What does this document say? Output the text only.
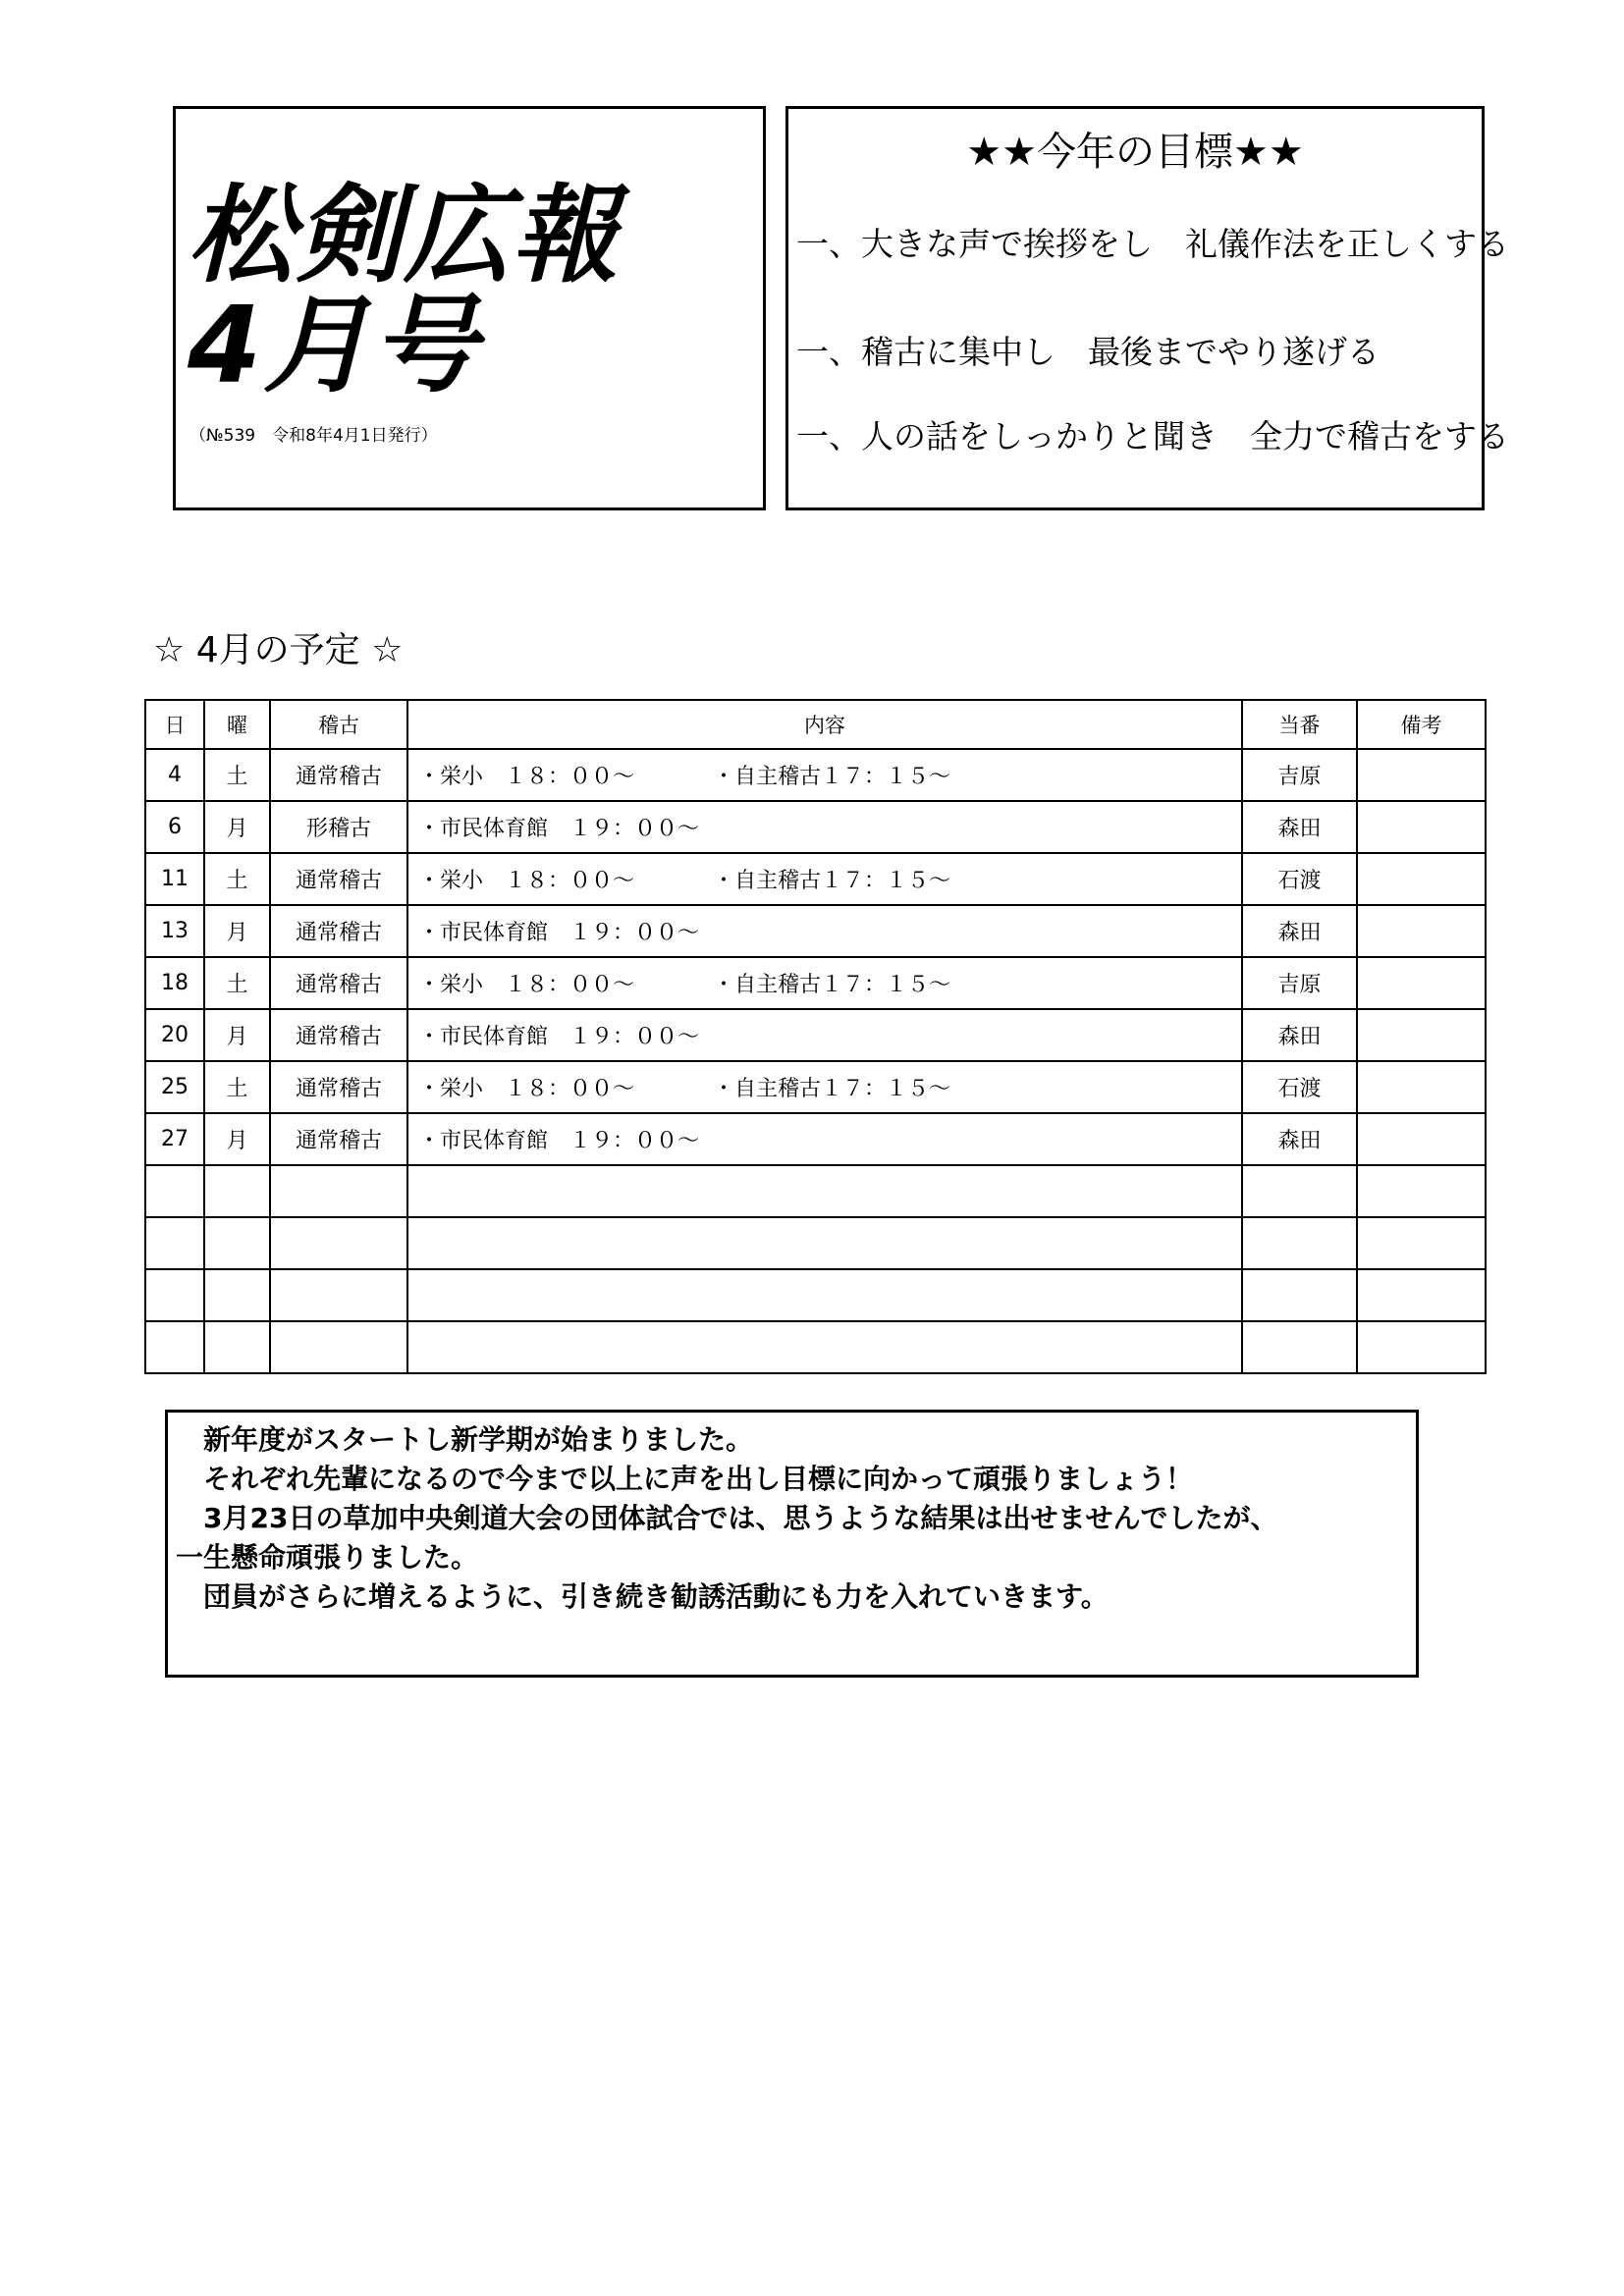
松剣広報
4月号
（№539　令和8年4月1日発行）
★★今年の目標★★
一、大きな声で挨拶をし　礼儀作法を正しくする
一、稽古に集中し　最後までやり遂げる
一、人の話をしっかりと聞き　全力で稽古をする
☆ 4月の予定 ☆
日	曜	稽古	内容	当番	備考
4	土	通常稽古	・栄小　１８：００～ ・自主稽古１７：１５～	吉原	
6	月	形稽古	・市民体育館　１９：００～	森田	
11	土	通常稽古	・栄小　１８：００～ ・自主稽古１７：１５～	石渡	
13	月	通常稽古	・市民体育館　１９：００～	森田	
18	土	通常稽古	・栄小　１８：００～ ・自主稽古１７：１５～	吉原	
20	月	通常稽古	・市民体育館　１９：００～	森田	
25	土	通常稽古	・栄小　１８：００～ ・自主稽古１７：１５～	石渡	
27	月	通常稽古	・市民体育館　１９：００～	森田	

　新年度がスタートし新学期が始まりました。

　それぞれ先輩になるので今まで以上に声を出し目標に向かって頑張りましょう！

　3月23日の草加中央剣道大会の団体試合では、思うような結果は出せませんでしたが、

一生懸命頑張りました。

　団員がさらに増えるように、引き続き勧誘活動にも力を入れていきます。
